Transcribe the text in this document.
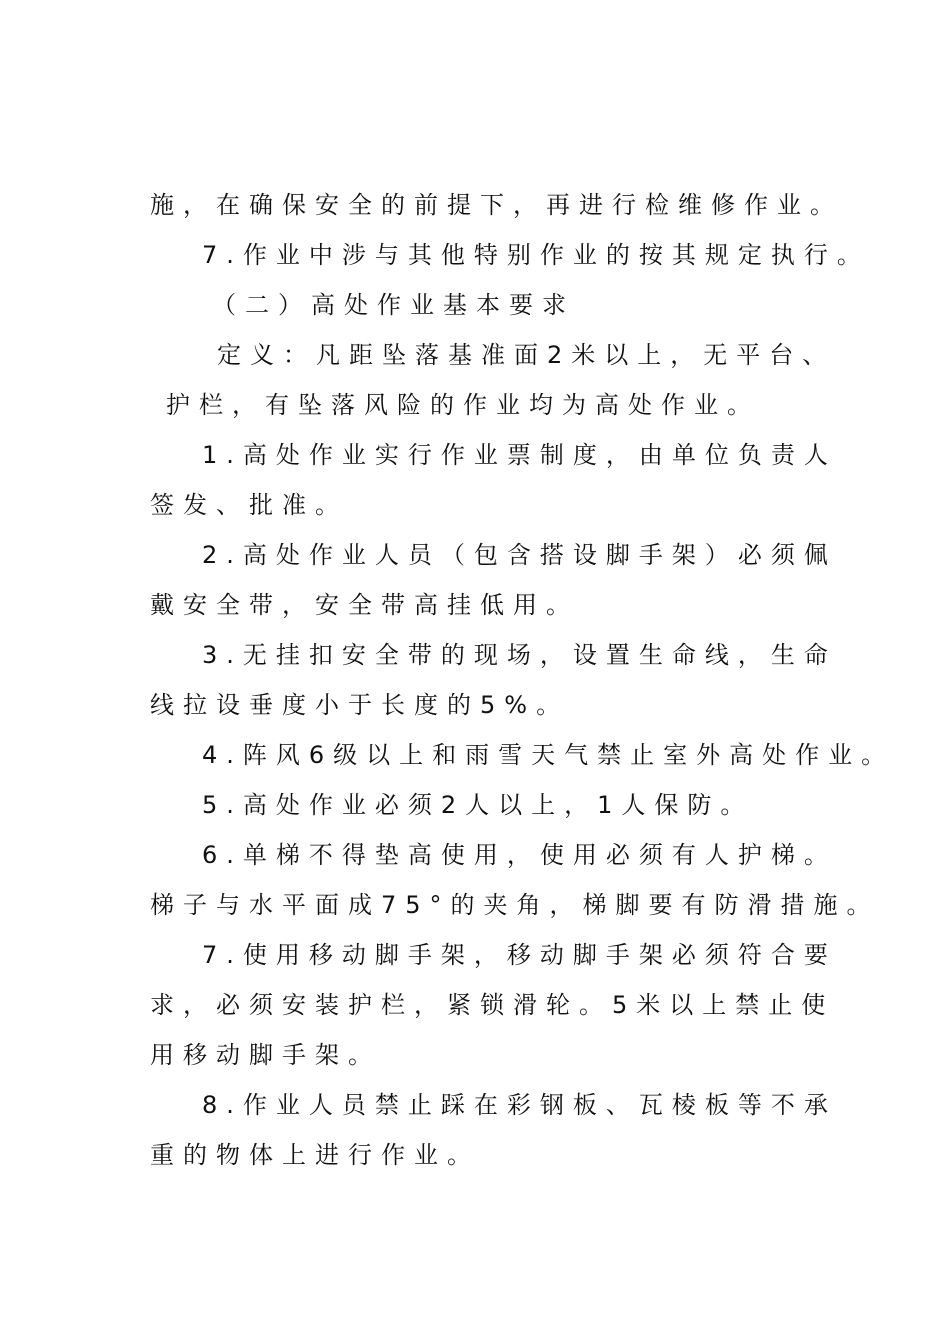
施，在确保安全的前提下，再进行检维修作业。
7.作业中涉与其他特别作业的按其规定执行。
（二）高处作业基本要求
定义：凡距坠落基准面2米以上，无平台、
护栏，有坠落风险的作业均为高处作业。
1.高处作业实行作业票制度，由单位负责人
签发、批准。
2.高处作业人员（包含搭设脚手架）必须佩
戴安全带，安全带高挂低用。
3.无挂扣安全带的现场，设置生命线，生命
线拉设垂度小于长度的5%。
4.阵风6级以上和雨雪天气禁止室外高处作业。
5.高处作业必须2人以上，1人保防。
6.单梯不得垫高使用，使用必须有人护梯。
梯子与水平面成75°的夹角，梯脚要有防滑措施。
7.使用移动脚手架，移动脚手架必须符合要
求，必须安装护栏，紧锁滑轮。5米以上禁止使
用移动脚手架。
8.作业人员禁止踩在彩钢板、瓦棱板等不承
重的物体上进行作业。
